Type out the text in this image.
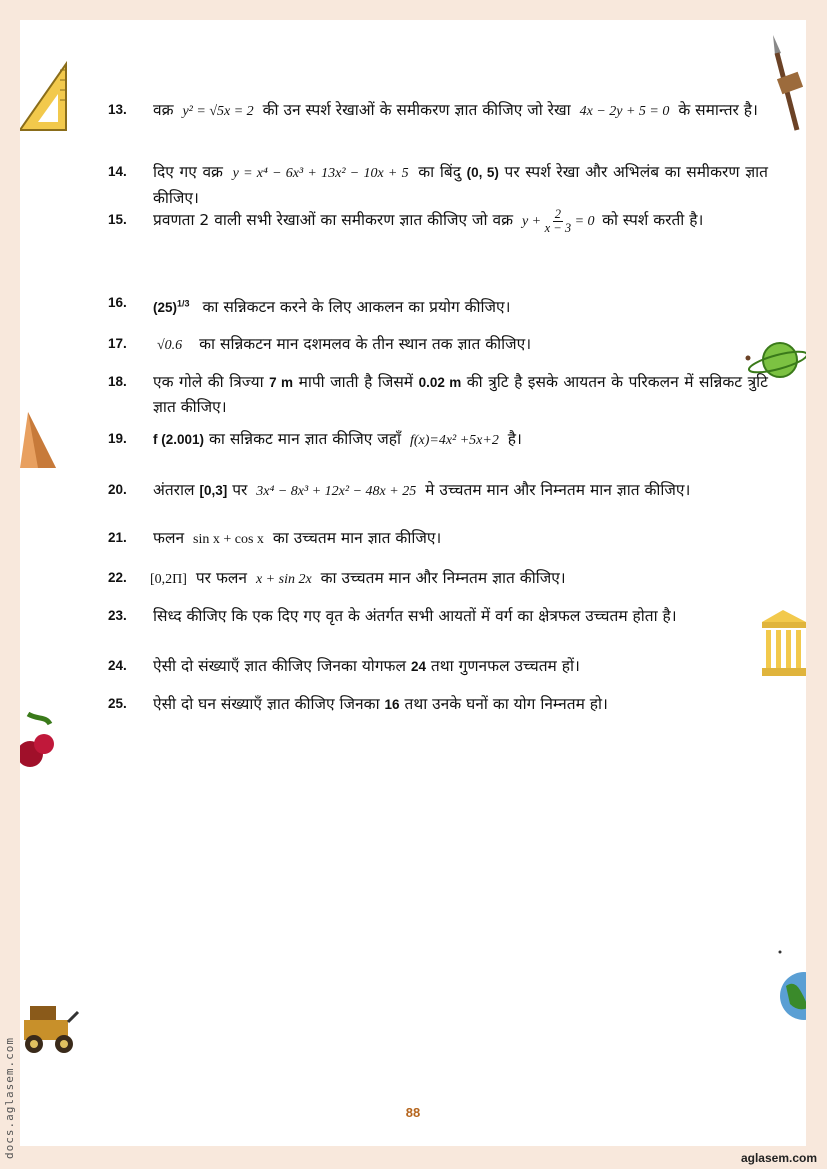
13. वक्र y² = √5x = 2 की उन स्पर्श रेखाओं के समीकरण ज्ञात कीजिए जो रेखा 4x − 2y + 5 = 0 के समान्तर है।
14. दिए गए वक्र y = x⁴ − 6x³ + 13x² − 10x + 5 का बिंदु (0, 5) पर स्पर्श रेखा और अभिलंब का समीकरण ज्ञात कीजिए।
15. प्रवणता 2 वाली सभी रेखाओं का समीकरण ज्ञात कीजिए जो वक्र $y + \frac{2}{x - 3} = 0$ को स्पर्श करती है।
16. $(25)^{1/3}$ का सन्निकटन करने के लिए आकलन का प्रयोग कीजिए।
17. √0.6 का सन्निकटन मान दशमलव के तीन स्थान तक ज्ञात कीजिए।
18. एक गोले की त्रिज्या 7 m मापी जाती है जिसमें 0.02 m की त्रुटि है इसके आयतन के परिकलन में सन्निकट त्रुटि ज्ञात कीजिए।
19. f (2.001) का सन्निकट मान ज्ञात कीजिए जहाँ f(x)=4x² +5x+2 है।
20. अंतराल [0,3] पर 3x⁴ − 8x³ + 12x² − 48x + 25 मे उच्चतम मान और निम्नतम मान ज्ञात कीजिए।
21. फलन sin x + cos x का उच्चतम मान ज्ञात कीजिए।
22. [0,2Π] पर फलन x + sin 2x का उच्चतम मान और निम्नतम ज्ञात कीजिए।
23. सिध्द कीजिए कि एक दिए गए वृत के अंतर्गत सभी आयतों में वर्ग का क्षेत्रफल उच्चतम होता है।
24. ऐसी दो संख्याएँ ज्ञात कीजिए जिनका योगफल 24 तथा गुणनफल उच्चतम हों।
25. ऐसी दो घन संख्याएँ ज्ञात कीजिए जिनका 16 तथा उनके घनों का योग निम्नतम हो।
88
docs.aglasem.com	aglasem.com
